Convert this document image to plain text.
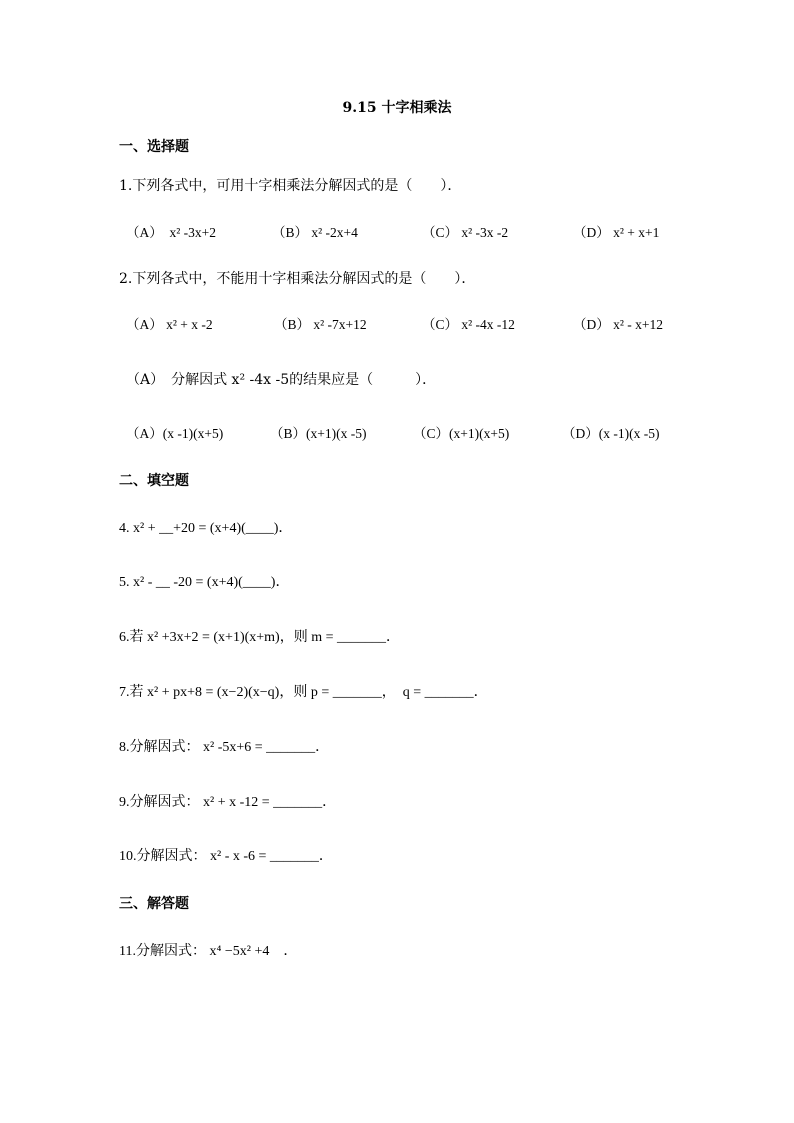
9.15 十字相乘法
一、选择题
1.下列各式中，可用十字相乘法分解因式的是（　　）．

（A）　x² -3x+2

	（B） x² -2x+4

	（C） x² -3x -2

	（D） x² + x+1

2.下列各式中，不能用十字相乘法分解因式的是（　　）．

（A） x² + x -2

	（B） x² -7x+12

	（C） x² -4x -12

	（D） x² - x+12

（A）　分解因式 x² -4x -5的结果应是（　　　）．

（A）(x -1)(x+5)

	（B）(x+1)(x -5)

	（C）(x+1)(x+5)

	（D）(x -1)(x -5)

二、填空题
4. x² + __+20 = (x+4)(____)．
5. x² - __ -20 = (x+4)(____)．
6.若 x² +3x+2 = (x+1)(x+m)，则 m = _______．
7.若 x² + px+8 = (x−2)(x−q)，则 p = _______，　q = _______．
8.分解因式： x² -5x+6 = _______．
9.分解因式： x² + x -12 = _______．
10.分解因式： x² - x -6 = _______．
三、解答题
11.分解因式： x⁴ −5x² +4　．
